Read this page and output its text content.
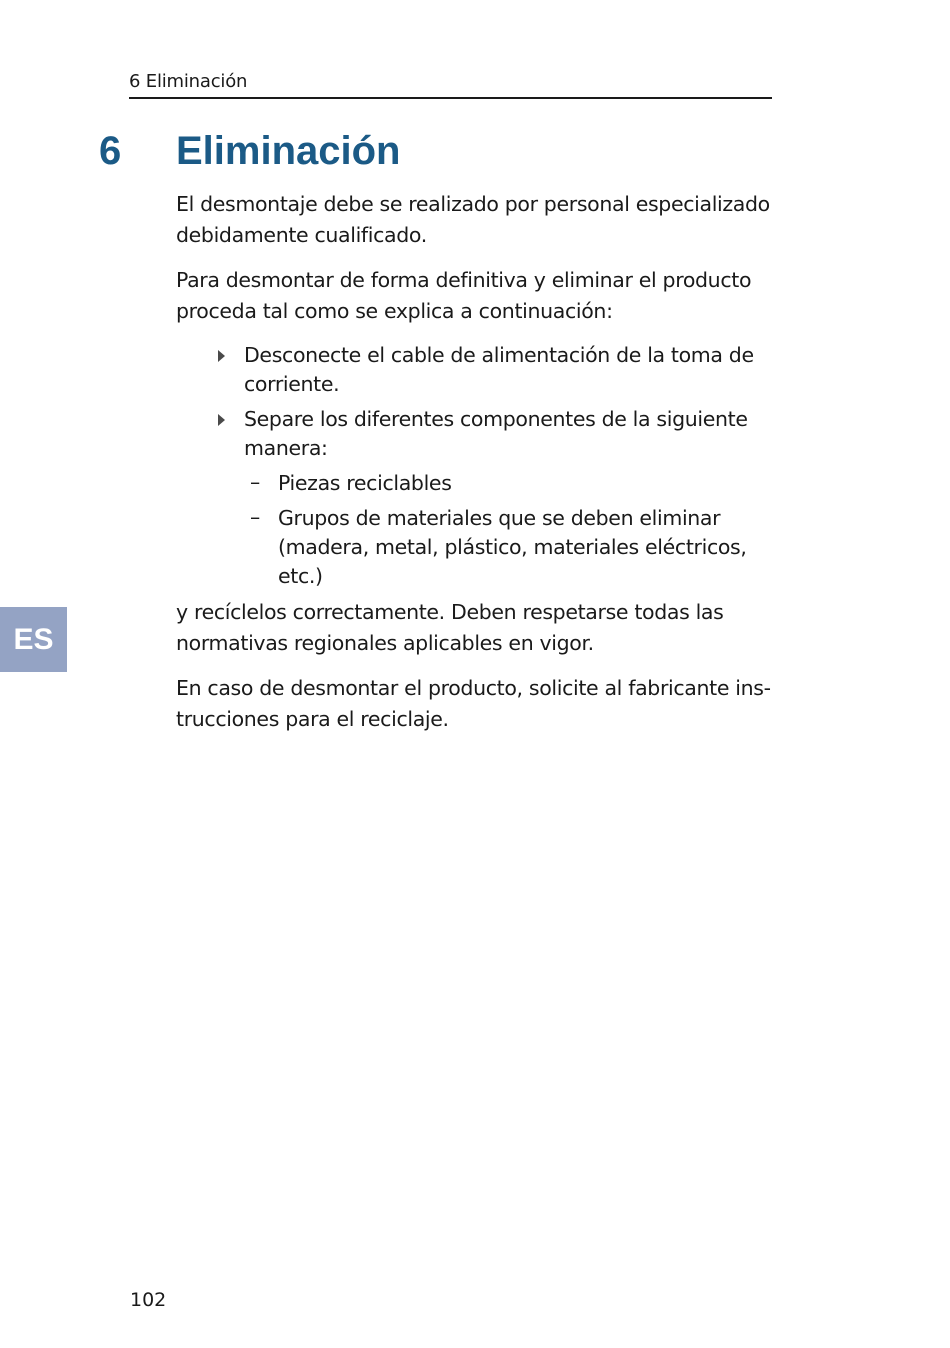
6 Eliminación
6 Eliminación

El desmontaje debe se realizado por personal especializado debidamente cualificado.

Para desmontar de forma definitiva y eliminar el producto proceda tal como se explica a continuación:

Desconecte el cable de alimentación de la toma de corriente.
Separe los diferentes componentes de la siguiente manera:
– Piezas reciclables
– Grupos de materiales que se deben eliminar (madera, metal, plástico, materiales eléctricos, etc.)

y recíclelos correctamente. Deben respetarse todas las normativas regionales aplicables en vigor.

En caso de desmontar el producto, solicite al fabricante instrucciones para el reciclaje.

ES
102
